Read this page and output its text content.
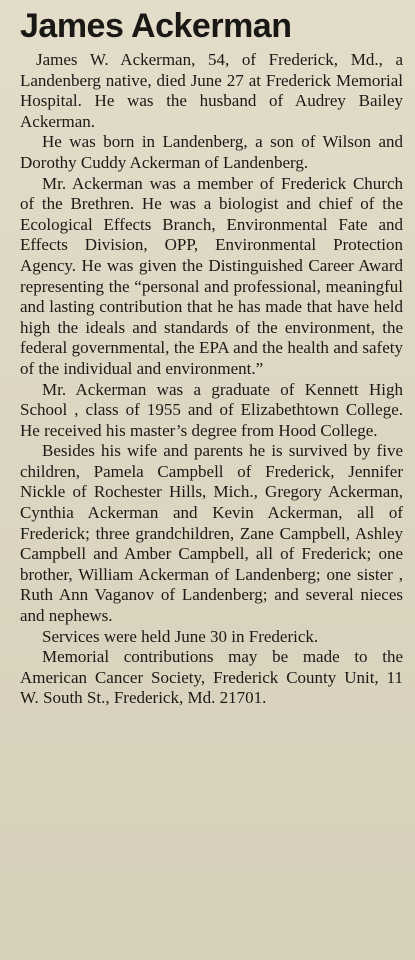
James Ackerman

James W. Ackerman, 54, of Frederick, Md., a Landenberg native, died June 27 at Frederick Memorial Hospital. He was the husband of Audrey Bailey Ackerman.

He was born in Landenberg, a son of Wilson and Dorothy Cuddy Ackerman of Landenberg.

Mr. Ackerman was a member of Frederick Church of the Brethren. He was a biologist and chief of the Ecological Effects Branch, Environmental Fate and Effects Division, OPP, Environmental Protection Agency. He was given the Distinguished Career Award representing the “personal and professional, meaningful and lasting contribution that he has made that have held high the ideals and standards of the environment, the federal governmental, the EPA and the health and safety of the individual and environment.”

Mr. Ackerman was a graduate of Kennett High School , class of 1955 and of Elizabethtown College. He received his master’s degree from Hood College.

Besides his wife and parents he is survived by five children, Pamela Campbell of Frederick, Jennifer Nickle of Rochester Hills, Mich., Gregory Ackerman, Cynthia Ackerman and Kevin Ackerman, all of Frederick; three grandchildren, Zane Campbell, Ashley Campbell and Amber Campbell, all of Frederick; one brother, William Ackerman of Landenberg; one sister , Ruth Ann Vaganov of Landenberg; and several nieces and nephews.

Services were held June 30 in Frederick.

Memorial contributions may be made to the American Cancer Society, Frederick County Unit, 11 W. South St., Frederick, Md. 21701.
